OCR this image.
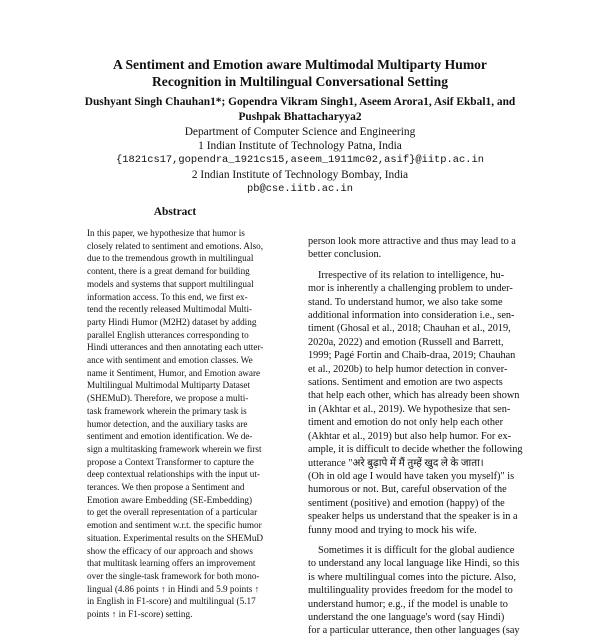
A Sentiment and Emotion aware Multimodal Multiparty Humor
Recognition in Multilingual Conversational Setting
Dushyant Singh Chauhan1*; Gopendra Vikram Singh1, Aseem Arora1, Asif Ekbal1, and
Pushpak Bhattacharyya2
Department of Computer Science and Engineering
1 Indian Institute of Technology Patna, India
{1821cs17,gopendra_1921cs15,aseem_1911mc02,asif}@iitp.ac.in
2 Indian Institute of Technology Bombay, India
pb@cse.iitb.ac.in
Abstract
In this paper, we hypothesize that humor is
closely related to sentiment and emotions. Also,
due to the tremendous growth in multilingual
content, there is a great demand for building
models and systems that support multilingual
information access. To this end, we first ex-
tend the recently released Multimodal Multi-
party Hindi Humor (M2H2) dataset by adding
parallel English utterances corresponding to
Hindi utterances and then annotating each utter-
ance with sentiment and emotion classes. We
name it Sentiment, Humor, and Emotion aware
Multilingual Multimodal Multiparty Dataset
(SHEMuD). Therefore, we propose a multi-
task framework wherein the primary task is
humor detection, and the auxiliary tasks are
sentiment and emotion identification. We de-
sign a multitasking framework wherein we first
propose a Context Transformer to capture the
deep contextual relationships with the input ut-
terances. We then propose a Sentiment and
Emotion aware Embedding (SE-Embedding)
to get the overall representation of a particular
emotion and sentiment w.r.t. the specific humor
situation. Experimental results on the SHEMuD
show the efficacy of our approach and shows
that multitask learning offers an improvement
over the single-task framework for both mono-
lingual (4.86 points ↑ in Hindi and 5.9 points ↑
in English in F1-score) and multilingual (5.17
points ↑ in F1-score) setting.
person look more attractive and thus may lead to a
better conclusion.
Irrespective of its relation to intelligence, hu-
mor is inherently a challenging problem to under-
stand. To understand humor, we also take some
additional information into consideration i.e., sen-
timent (Ghosal et al., 2018; Chauhan et al., 2019,
2020a, 2022) and emotion (Russell and Barrett,
1999; Pagé Fortin and Chaib-draa, 2019; Chauhan
et al., 2020b) to help humor detection in conver-
sations. Sentiment and emotion are two aspects
that help each other, which has already been shown
in (Akhtar et al., 2019). We hypothesize that sen-
timent and emotion do not only help each other
(Akhtar et al., 2019) but also help humor. For ex-
ample, it is difficult to decide whether the following
utterance "अरे बुढ़ापे में मैं तुम्हें खुद ले के जाता।
(Oh in old age I would have taken you myself)" is
humorous or not. But, careful observation of the
sentiment (positive) and emotion (happy) of the
speaker helps us understand that the speaker is in a
funny mood and trying to mock his wife.
Sometimes it is difficult for the global audience
to understand any local language like Hindi, so this
is where multilingual comes into the picture. Also,
multilinguality provides freedom for the model to
understand humor; e.g., if the model is unable to
understand the one language's word (say Hindi)
for a particular utterance, then other languages (say
